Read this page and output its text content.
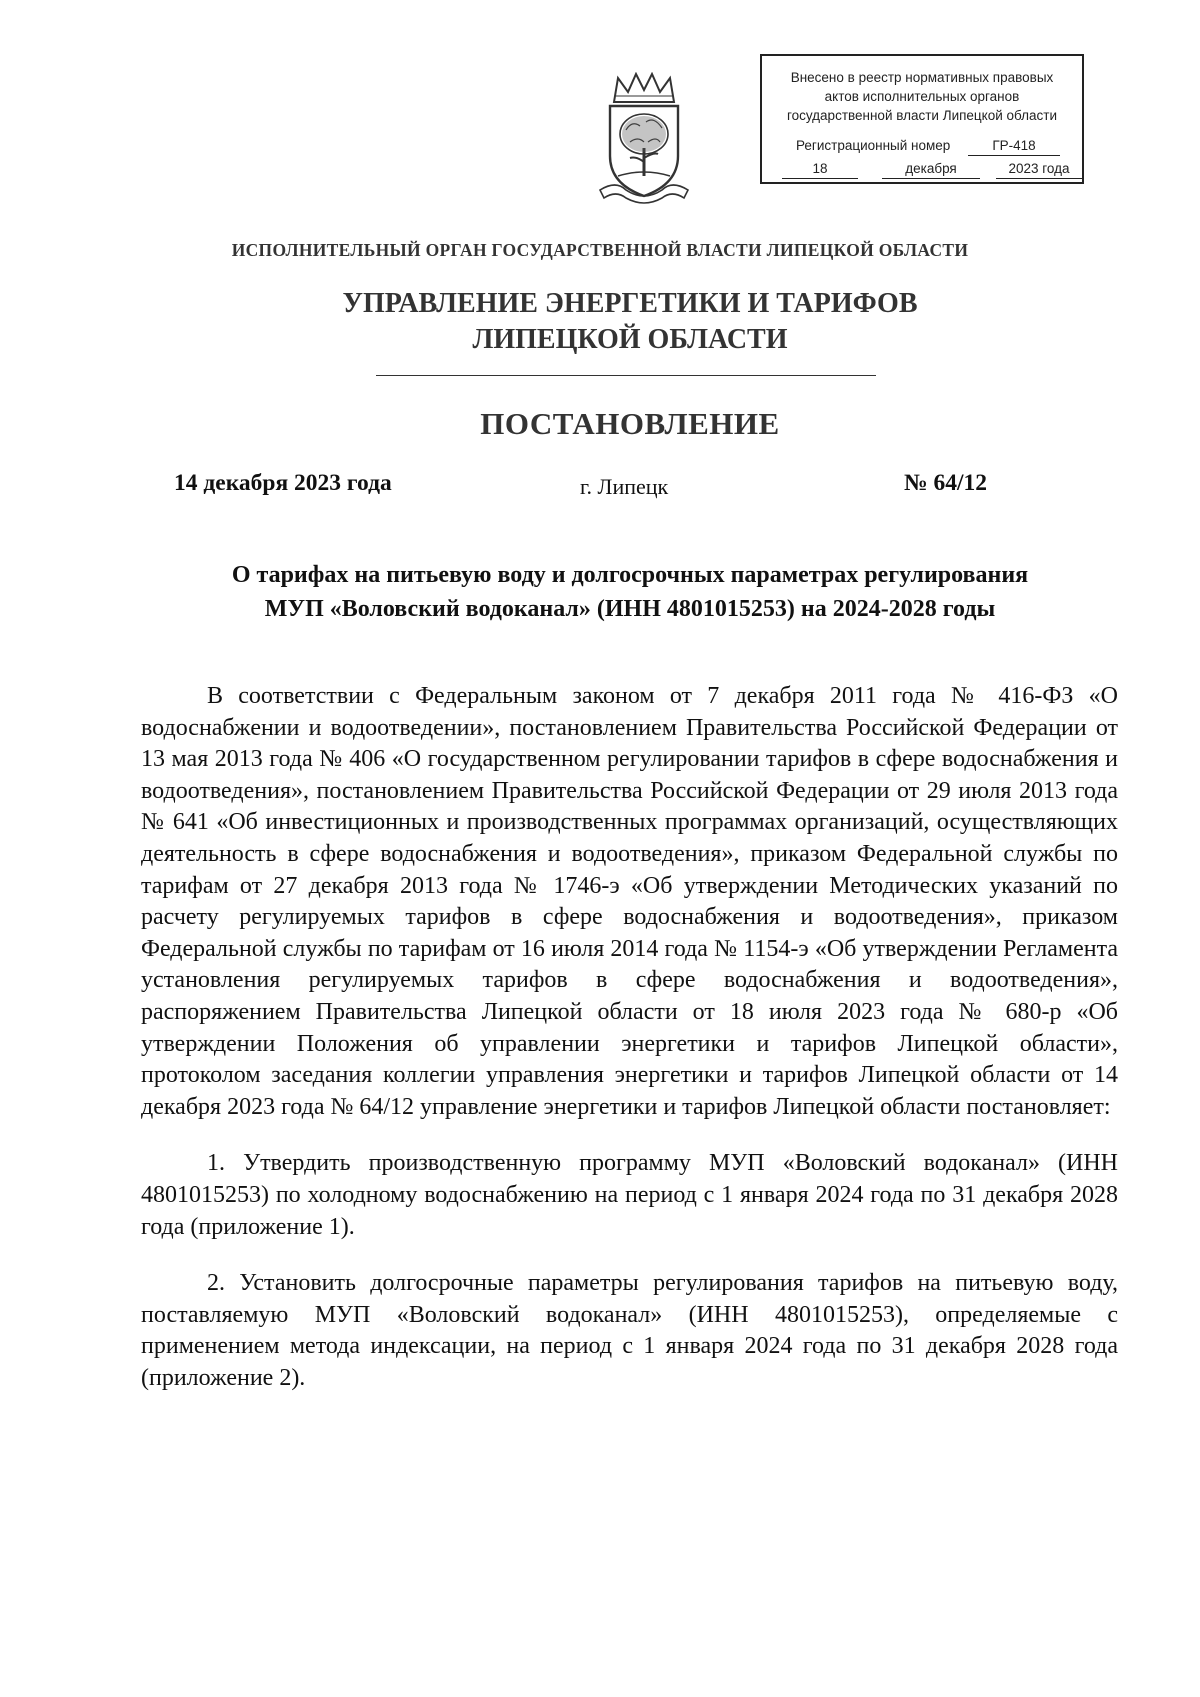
Внесено в реестр нормативных правовых
актов исполнительных органов
государственной власти Липецкой области
Регистрационный номер	ГР-418
18	декабря	2023 года
ИСПОЛНИТЕЛЬНЫЙ ОРГАН ГОСУДАРСТВЕННОЙ ВЛАСТИ ЛИПЕЦКОЙ ОБЛАСТИ
УПРАВЛЕНИЕ ЭНЕРГЕТИКИ И ТАРИФОВ
ЛИПЕЦКОЙ ОБЛАСТИ
ПОСТАНОВЛЕНИЕ
14 декабря 2023 года	г. Липецк	№ 64/12
О тарифах на питьевую воду и долгосрочных параметрах регулирования
МУП «Воловский водоканал» (ИНН 4801015253) на 2024-2028 годы

В соответствии с Федеральным законом от 7 декабря 2011 года № 416-ФЗ «О водоснабжении и водоотведении», постановлением Правительства Российской Федерации от 13 мая 2013 года № 406 «О государственном регулировании тарифов в сфере водоснабжения и водоотведения», постановлением Правительства Российской Федерации от 29 июля 2013 года № 641 «Об инвестиционных и производственных программах организаций, осуществляющих деятельность в сфере водоснабжения и водоотведения», приказом Федеральной службы по тарифам от 27 декабря 2013 года № 1746-э «Об утверждении Методических указаний по расчету регулируемых тарифов в сфере водоснабжения и водоотведения», приказом Федеральной службы по тарифам от 16 июля 2014 года № 1154-э «Об утверждении Регламента установления регулируемых тарифов в сфере водоснабжения и водоотведения», распоряжением Правительства Липецкой области от 18 июля 2023 года № 680-р «Об утверждении Положения об управлении энергетики и тарифов Липецкой области», протоколом заседания коллегии управления энергетики и тарифов Липецкой области от 14 декабря 2023 года № 64/12 управление энергетики и тарифов Липецкой области постановляет:

1. Утвердить производственную программу МУП «Воловский водоканал» (ИНН 4801015253) по холодному водоснабжению на период с 1 января 2024 года по 31 декабря 2028 года (приложение 1).

2. Установить долгосрочные параметры регулирования тарифов на питьевую воду, поставляемую МУП «Воловский водоканал» (ИНН 4801015253), определяемые с применением метода индексации, на период с 1 января 2024 года по 31 декабря 2028 года (приложение 2).
